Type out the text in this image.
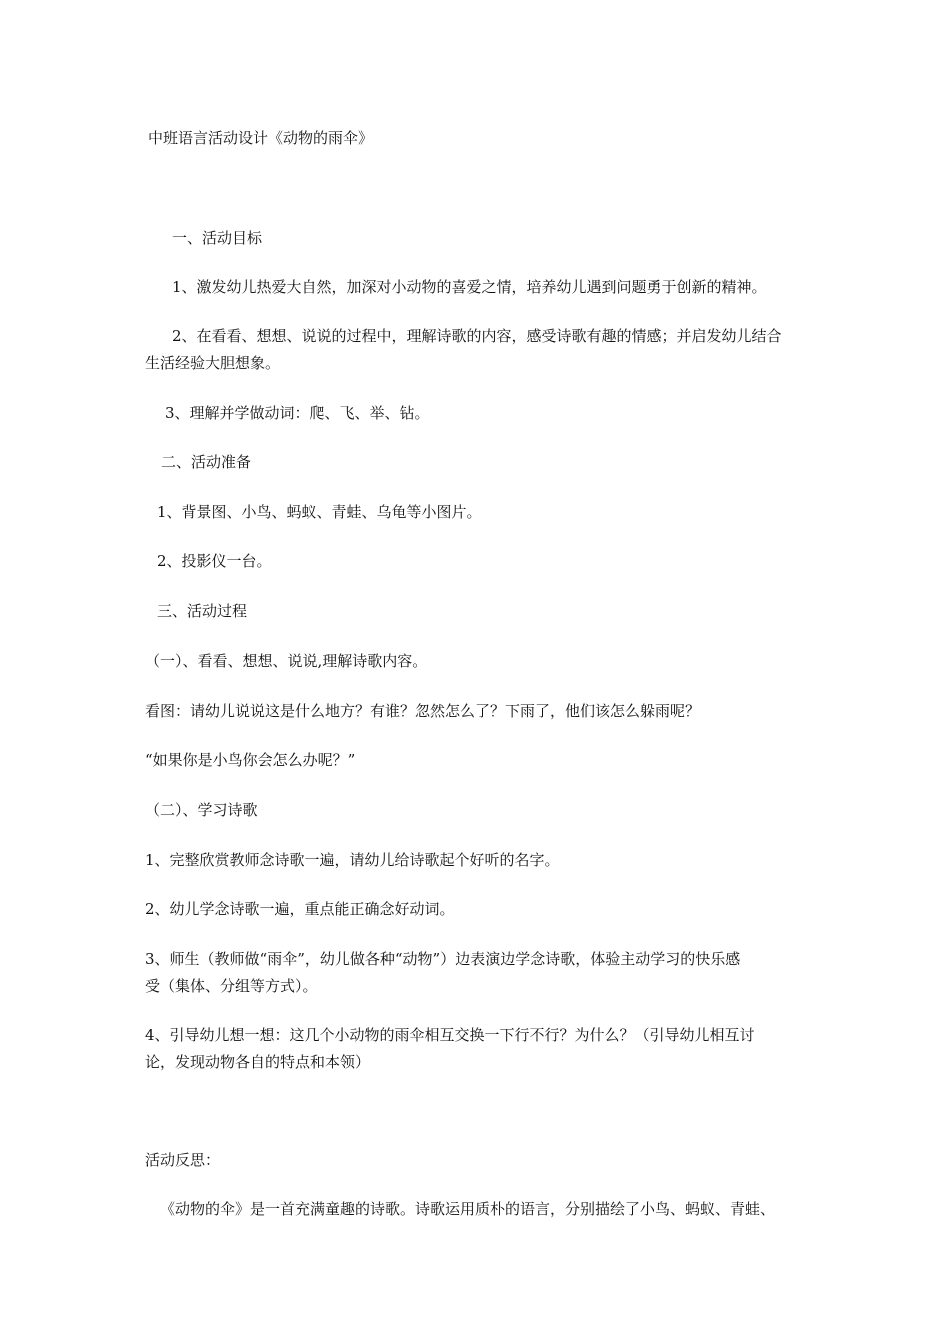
中班语言活动设计《动物的雨伞》
一、活动目标
1、激发幼儿热爱大自然，加深对小动物的喜爱之情，培养幼儿遇到问题勇于创新的精神。
2、在看看、想想、说说的过程中，理解诗歌的内容，感受诗歌有趣的情感；并启发幼儿结合
生活经验大胆想象。
3、理解并学做动词：爬、飞、举、钻。
二、活动准备
1、背景图、小鸟、蚂蚁、青蛙、乌龟等小图片。
2、投影仪一台。
三、活动过程
（一）、看看、想想、说说,理解诗歌内容。
看图：请幼儿说说这是什么地方？有谁？忽然怎么了？下雨了，他们该怎么躲雨呢？
“如果你是小鸟你会怎么办呢？”
（二）、学习诗歌
1、完整欣赏教师念诗歌一遍，请幼儿给诗歌起个好听的名字。
2、幼儿学念诗歌一遍，重点能正确念好动词。
3、师生（教师做“雨伞”，幼儿做各种“动物”）边表演边学念诗歌，体验主动学习的快乐感
受（集体、分组等方式）。
4、引导幼儿想一想：这几个小动物的雨伞相互交换一下行不行？为什么？（引导幼儿相互讨
论，发现动物各自的特点和本领）
活动反思：
《动物的伞》是一首充满童趣的诗歌。诗歌运用质朴的语言，分别描绘了小鸟、蚂蚁、青蛙、
